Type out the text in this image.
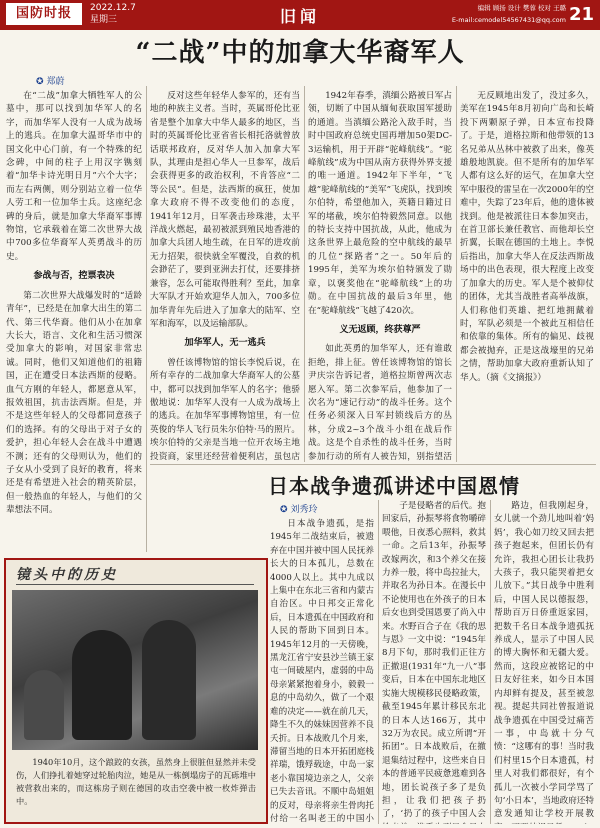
国防时报	2022.12.7
星期三	旧闻	编辑 顾扬 设计 樊蓉 校对 王璐
E-mail:cemodel54567431@qq.com 21
“二战”中的加拿大华裔军人
✪ 郑蔚

在“二战”加拿大牺牲军人的公墓中，那可以找到加华军人的名字，而加华军人没有一人成为战场上的逃兵。在加拿大温哥华市中的国文化中心门前，有一个特殊的纪念碑，中间的柱子上用汉字镌刻着“加华卡诗光明日月”六个大字；而左右两侧，则分别站立着一位华人劳工和一位加华士兵。这座纪念碑的身后，就是加拿大华裔军事博物馆，它承载着在第二次世界大战中700多位华裔军人英勇战斗的历史。

参战与否，控票表决

第二次世界大战爆发时的“适龄青年”，已经是在加拿大出生的第二代、第三代华裔。他们从小在加拿大长大，语言、文化和生活习惯深受加拿大的影响，对国家非常忠诚。同时，他们又知道他们的祖籍国，正在遭受日本法西斯的侵略。血气方刚的年轻人，都愿意从军，报效祖国，抗击法西斯。但是，并不是这些年轻人的父母都同意孩子们的选择。有的父母出于对子女的爱护，担心年轻人会在战斗中遭遇不测；还有的父母则认为，他们的子女从小受到了良好的教育，将来还是有希望进入社会的精英阶层，但一般热血的年轻人，与他们的父辈想法不同。

反对这些年轻华人参军的，还有当地的种族主义者。当时，英属哥伦比亚省是整个加拿大中华人最多的地区，当时的英属哥伦比亚省省长相托洛就曾放话联邦政府，反对华人加入加拿大军队，其理由是担心华人一旦参军，战后会获得更多的政治权利，不肯答应“二等公民”。但是，法西斯的疯狂，使加拿大政府不得不改变他们的态度，1941年12月，日军袭击珍珠港，太平洋战火燃起，最初被派到殖民地香港的加拿大兵团人地生疏，在日军的进攻前无力招架，很快就全军覆没，自救的机会渺茫了，要到亚洲去打仗，还要排挤兼容，怎么可能取得胜利？至此，加拿大军队才开始欢迎华人加入，700多位加华青年先后进入了加拿大的陆军、空军和海军，以及运输部队。

加华军人，无一逃兵

曾任该博物馆的馆长李悦后说，在所有幸存的二战加拿大华裔军人的公墓中，都可以找到加华军人的名字；他骄傲地说：加华军人没有一人成为战场上的逃兵。在加华军事博物馆里，有一位英俊的华人飞行员朱尔伯特·马的照片。埃尔伯特的父亲是当地一位开农场主地投资商，家里还经营着便利店，虽包店

1942年春季，滇缅公路被日军占领，切断了中国从缅甸获取国军援助的通道。当滇缅公路沦入敌手时，当时中国政府总统史国再增加50架DC-3运输机，用于开辟“驼峰航线”。“驼峰航线”成为中国从南方获得外界支援的唯一通道。1942年下半年，“飞越”驼峰航线的“美军”飞虎队，找到埃尔伯特，希望他加入，英籍日籍过日军的堵截，埃尔伯特毅然同意。以他的特长支持中国抗战，从此，他成为这条世界上最危险的空中航线的最早的几位“探路者”之一。50年后的1995年，美军为埃尔伯特颁发了勋章，以褒奖他在“驼峰航线”上的功勋。在中国抗战的最后3年里，他在“驼峰航线”飞越了420次。

义无返顾，终获尊严

如此英勇的加华军人，还有谁敢拒绝，排上征。曾任该博物馆的馆长尹庆宗告诉记者，道格拉斯曾两次志愿入军。第二次参军后，他参加了一次名为“速记行动”的战斗任务。这个任务必须深入日军封锁线后方的丛林，分成2~3个战斗小组在战后作战。这是个自杀性的战斗任务，当时参加行动的所有人被告知，别指望活

无反顾地出发了，没过多久，美军在1945年8月初向广岛和长崎投下两颗原子弹，日本宣布投降了。于是，道格拉斯和他带领的13名兄弟从丛林中被救了出来，像英雄般地凯旋。但不是所有的加华军人都有这么好的运气，在加拿大空军中服役的雷呈在一次2000年的空难中，失踪了23年后，他的遗体被找到。他是被派往日本参加突击，在首卫部长兼任教官、而他却长空折翼，长眠在德国的土地上。李悦后指出，加拿大华人在反法西斯战场中的出色表现，很大程度上改变了加拿大的历史。军人是个被仰仗的团体，尤其当战胜者高举战旗，人们称他们英雄、把红地拥戴着时，军队必须是一个被此互相信任和依靠的集体。所有的偏见、歧视都会被抛弃，正是这战壕里的兄弟之情，帮助加拿大政府重新认知了华人。（摘《文摘报》）

日本战争遗孤讲述中国恩情
✪ 刘秀玲

日本战争遗孤，是指1945年二战结束后，被遗弃在中国并被中国人民抚养长大的日本孤儿，总数在4000人以上。其中九成以上集中在东北三省和内蒙古自治区。中日邦交正常化后，日本遗孤在中国政府和人民的帮助下回到日本。1945年12月的一天傍晚，黑龙江省宁安县沙兰镇王家屯一间破屋内，虚弱的中岛母亲紧紧抱着身小，毅毅一息的中岛幼久，做了一个艰难的决定——就在前几天，降生不久的妹妹因营养不良夭折。日本战败几个月来，滞留当地的日本开拓团庭栈祥瑞，饿殍载途，中岛一家老小靠国境边亲之人，父亲已失去音讯。不顺中岛姐姐的反对，母亲将亲生骨肉托付给一名叫老王的中国小

子是侵略者的后代。抱回家后，孙振琴将食物嚼碎喂他，日夜悉心照料，救其一命。之后13年，孙振琴改嫁两次，和3个养父在接力养一般，将中岛拉扯大，并取名为孙日本。在漫长中不论使用也在外孩子的日本后女也到受国恩要了尚入中来。水野百合子在《我的思与恩》一文中说：“1945年8月下旬，那时我们正往方正撤退(1931年“九一八”事变后，日本在中国东北地区实施大规模移民侵略政策，截至1945年累计移民东北的日本人达166万，其中32万为农民。成立所谓“开拓团”。日本战败后，在撤退集结过程中，这些来自日本的普通平民疲惫逃难到各地，团长说孩子多了是负担，让我们把孩子扔了，‘扔了的孩子中国人会

路边，但我刚起身，女儿就一个劲儿地叫着‘妈妈’，我心如刀绞又回去把孩子抱起来，但团长仍有允许，我担心团长让我扔大孩子，我只能哭着把女儿放下。”其日战争中胜利后，中国人民以德报怨，帮助百万日侨重返家园，把数千名日本战争遗孤抚养成人，显示了中国人民的博大胸怀和无疆大爱。然而，这段应被铭记的中日友好往来，如今日本国内却鲜有提及，甚至被忽视。提起共同社曾报道说战争遗孤在中国受过痛苦一事，中岛就十分气愤：“这哪有的事！当时我们村里15个日本遗孤，村里人对我们都很好，有个孤儿一次被小学同学骂了句‘小日本’，当地政府还特意发通知让学校开展教

镜头中的历史
1940年10月，这个踉跤的女孩，虽然身上很脏但显然并未受伤，人们挣扎着她穿过轮胎肉泣，她是从一栋倒塌房子的瓦砾堆中被营救出来的，而这栋房子则在德国的攻击空袭中被一枚炸弹击中。
